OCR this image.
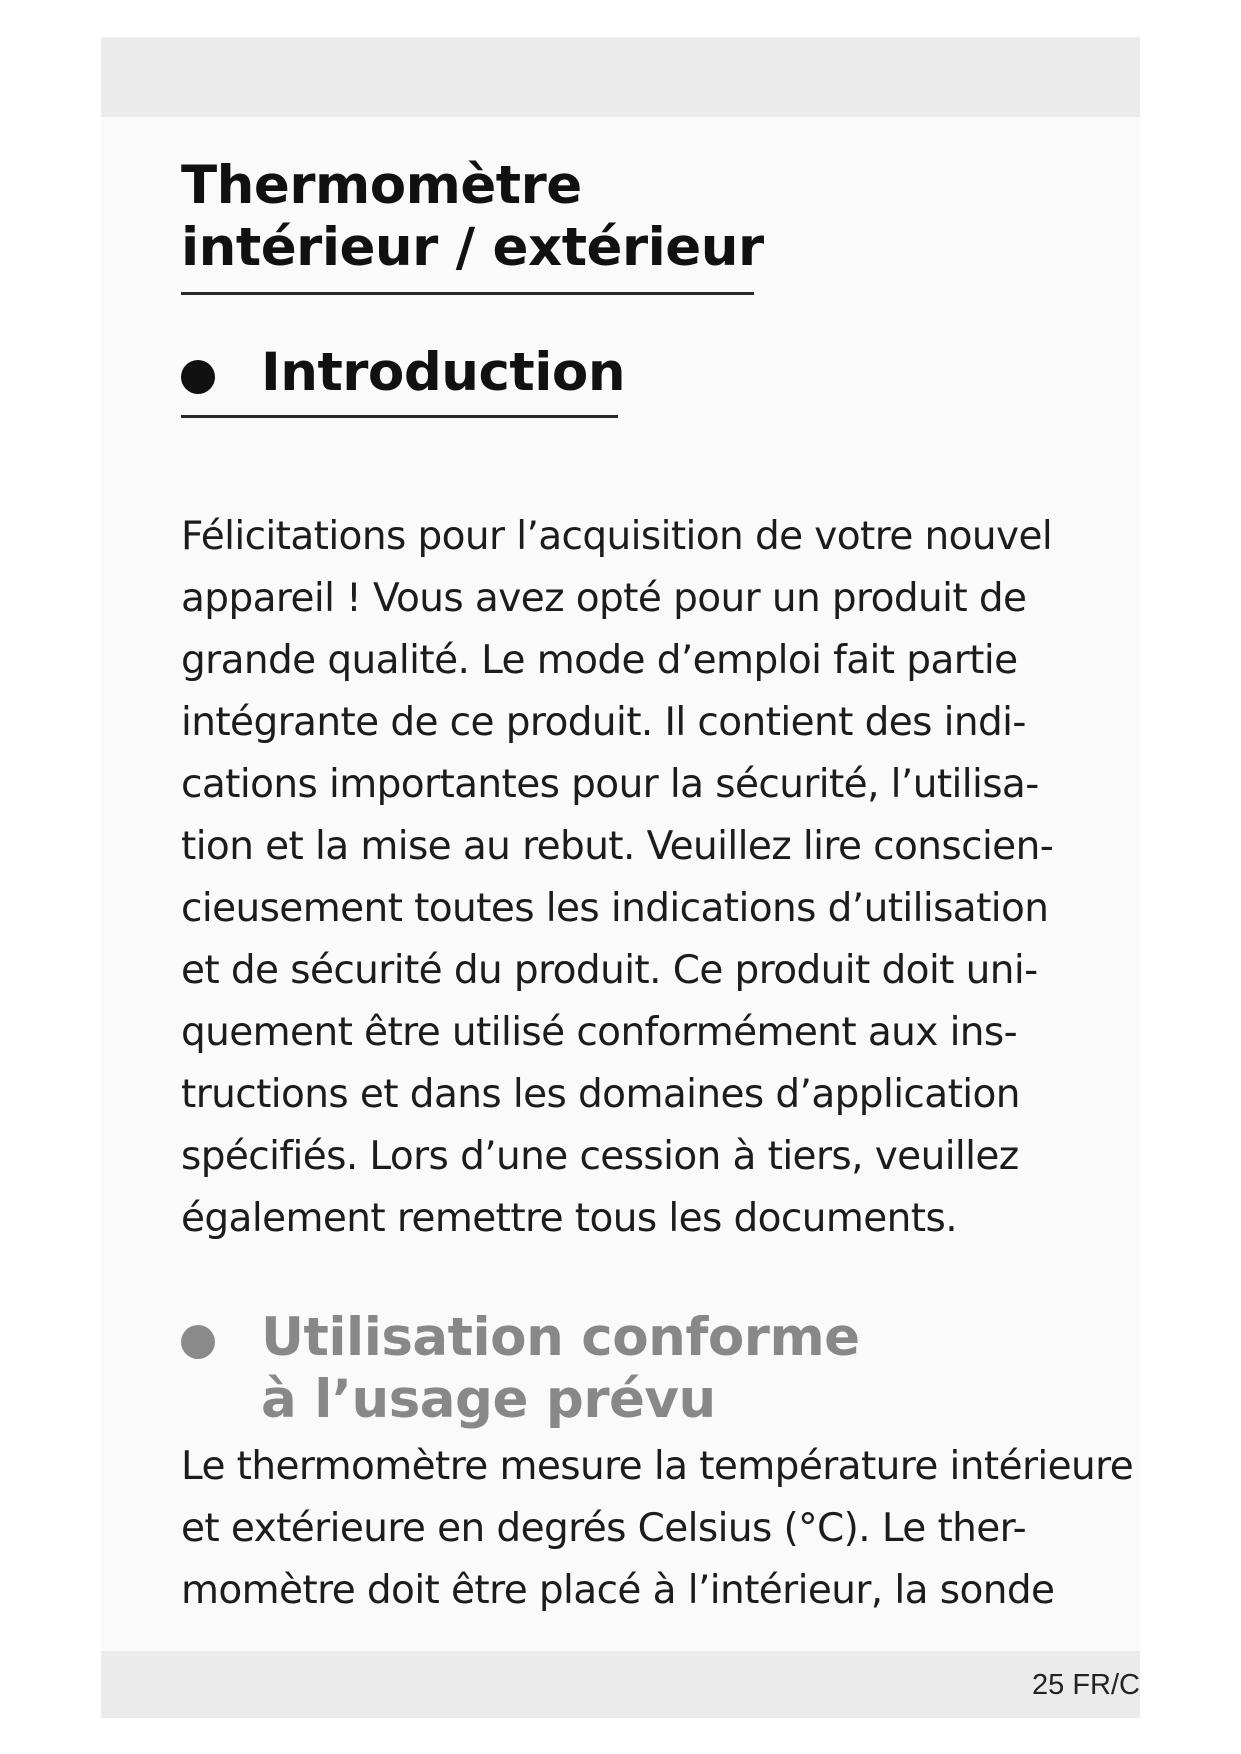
Thermomètre
intérieur / extérieur
Introduction

Félicitations pour l’acquisition de votre nouvel
appareil ! Vous avez opté pour un produit de
grande qualité. Le mode d’emploi fait partie
intégrante de ce produit. Il contient des indi-
cations importantes pour la sécurité, l’utilisa-
tion et la mise au rebut. Veuillez lire conscien-
cieusement toutes les indications d’utilisation
et de sécurité du produit. Ce produit doit uni-
quement être utilisé conformément aux ins-
tructions et dans les domaines d’application
spécifiés. Lors d’une cession à tiers, veuillez
également remettre tous les documents.

Utilisation conforme
à l’usage prévu

Le thermomètre mesure la température intérieure
et extérieure en degrés Celsius (°C). Le ther-
momètre doit être placé à l’intérieur, la sonde

25 FR/C
